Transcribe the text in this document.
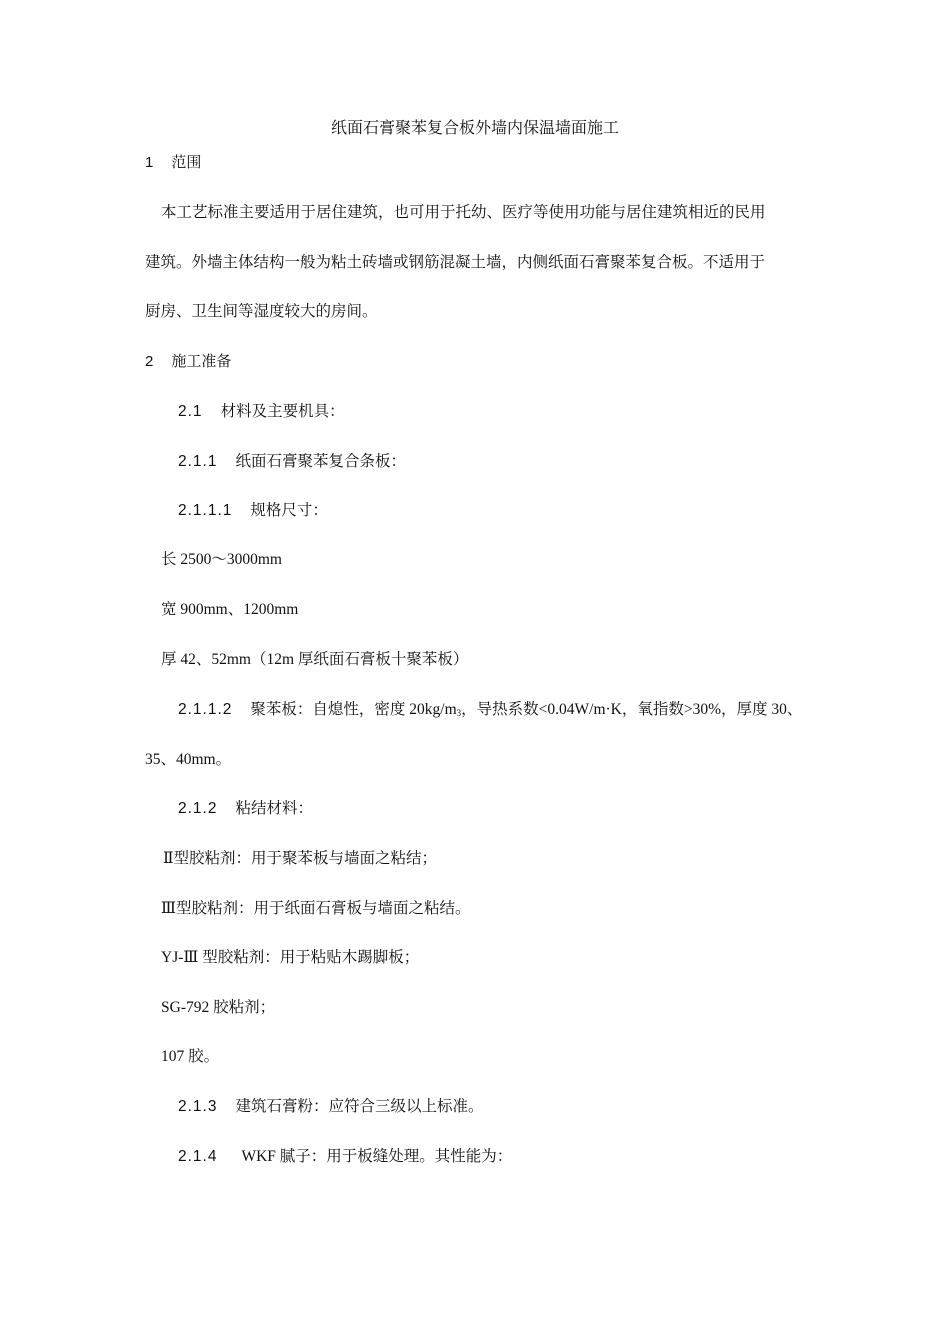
纸面石膏聚苯复合板外墙内保温墙面施工
1 范围
本工艺标准主要适用于居住建筑，也可用于托幼、医疗等使用功能与居住建筑相近的民用
建筑。外墙主体结构一般为粘土砖墙或钢筋混凝土墙，内侧纸面石膏聚苯复合板。不适用于
厨房、卫生间等湿度较大的房间。
2 施工准备
2.1 材料及主要机具：
2.1.1 纸面石膏聚苯复合条板：
2.1.1.1 规格尺寸：
长 2500～3000mm
宽 900mm、1200mm
厚 42、52mm（12m 厚纸面石膏板十聚苯板）
2.1.1.2 聚苯板：自熄性，密度 $20kg/m_3$，导热系数<0.04W/m·K，氧指数>30%，厚度 30、
35、40mm。
2.1.2 粘结材料：
Ⅱ型胶粘剂：用于聚苯板与墙面之粘结；
Ⅲ型胶粘剂：用于纸面石膏板与墙面之粘结。
YJ-Ⅲ 型胶粘剂：用于粘贴木踢脚板；
SG-792 胶粘剂；
107 胶。
2.1.3 建筑石膏粉：应符合三级以上标准。
2.1.4 WKF 腻子：用于板缝处理。其性能为：
